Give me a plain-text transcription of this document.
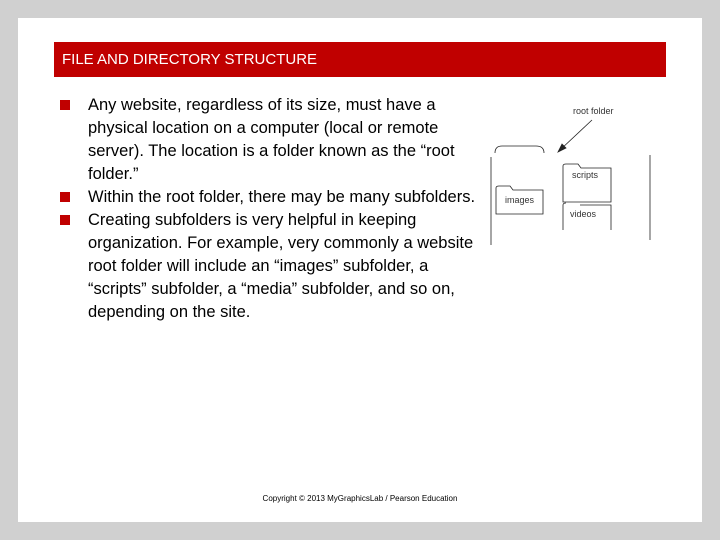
FILE AND DIRECTORY STRUCTURE
Any website, regardless of its size, must have a physical location on a computer (local or remote server). The location is a folder known as the “root folder.”
Within the root folder, there may be many subfolders.
Creating subfolders is very helpful in keeping organization. For example, very commonly a website root folder will include an “images” subfolder, a “scripts” subfolder, a “media” subfolder, and so on, depending on the site.
root folder
scripts
images
videos
Copyright © 2013 MyGraphicsLab / Pearson Education
